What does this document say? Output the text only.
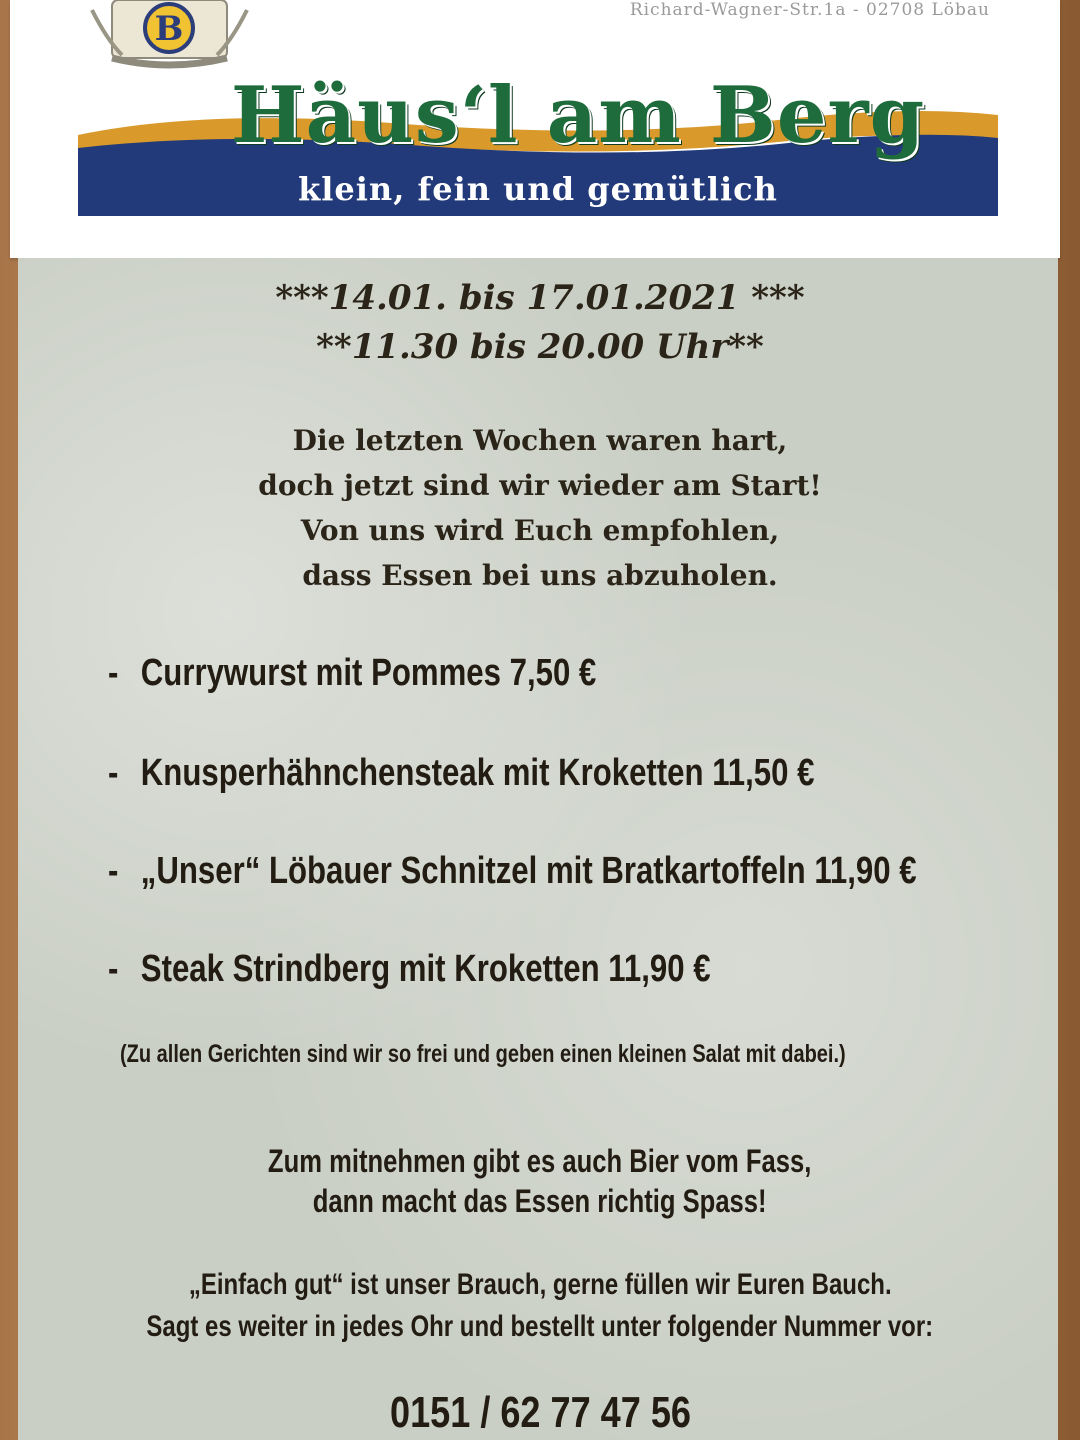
B	Richard-Wagner-Str.1a - 02708 Löbau
Häus‘l am Berg
klein, fein und gemütlich
***14.01. bis 17.01.2021 ***
**11.30 bis 20.00 Uhr**
Die letzten Wochen waren hart,
doch jetzt sind wir wieder am Start!
Von uns wird Euch empfohlen,
dass Essen bei uns abzuholen.
- Currywurst mit Pommes 7,50 €
- Knusperhähnchensteak mit Kroketten 11,50 €
- „Unser“ Löbauer Schnitzel mit Bratkartoffeln 11,90 €
- Steak Strindberg mit Kroketten 11,90 €
(Zu allen Gerichten sind wir so frei und geben einen kleinen Salat mit dabei.)
Zum mitnehmen gibt es auch Bier vom Fass,
dann macht das Essen richtig Spass!
„Einfach gut“ ist unser Brauch, gerne füllen wir Euren Bauch.
Sagt es weiter in jedes Ohr und bestellt unter folgender Nummer vor:
0151 / 62 77 47 56
